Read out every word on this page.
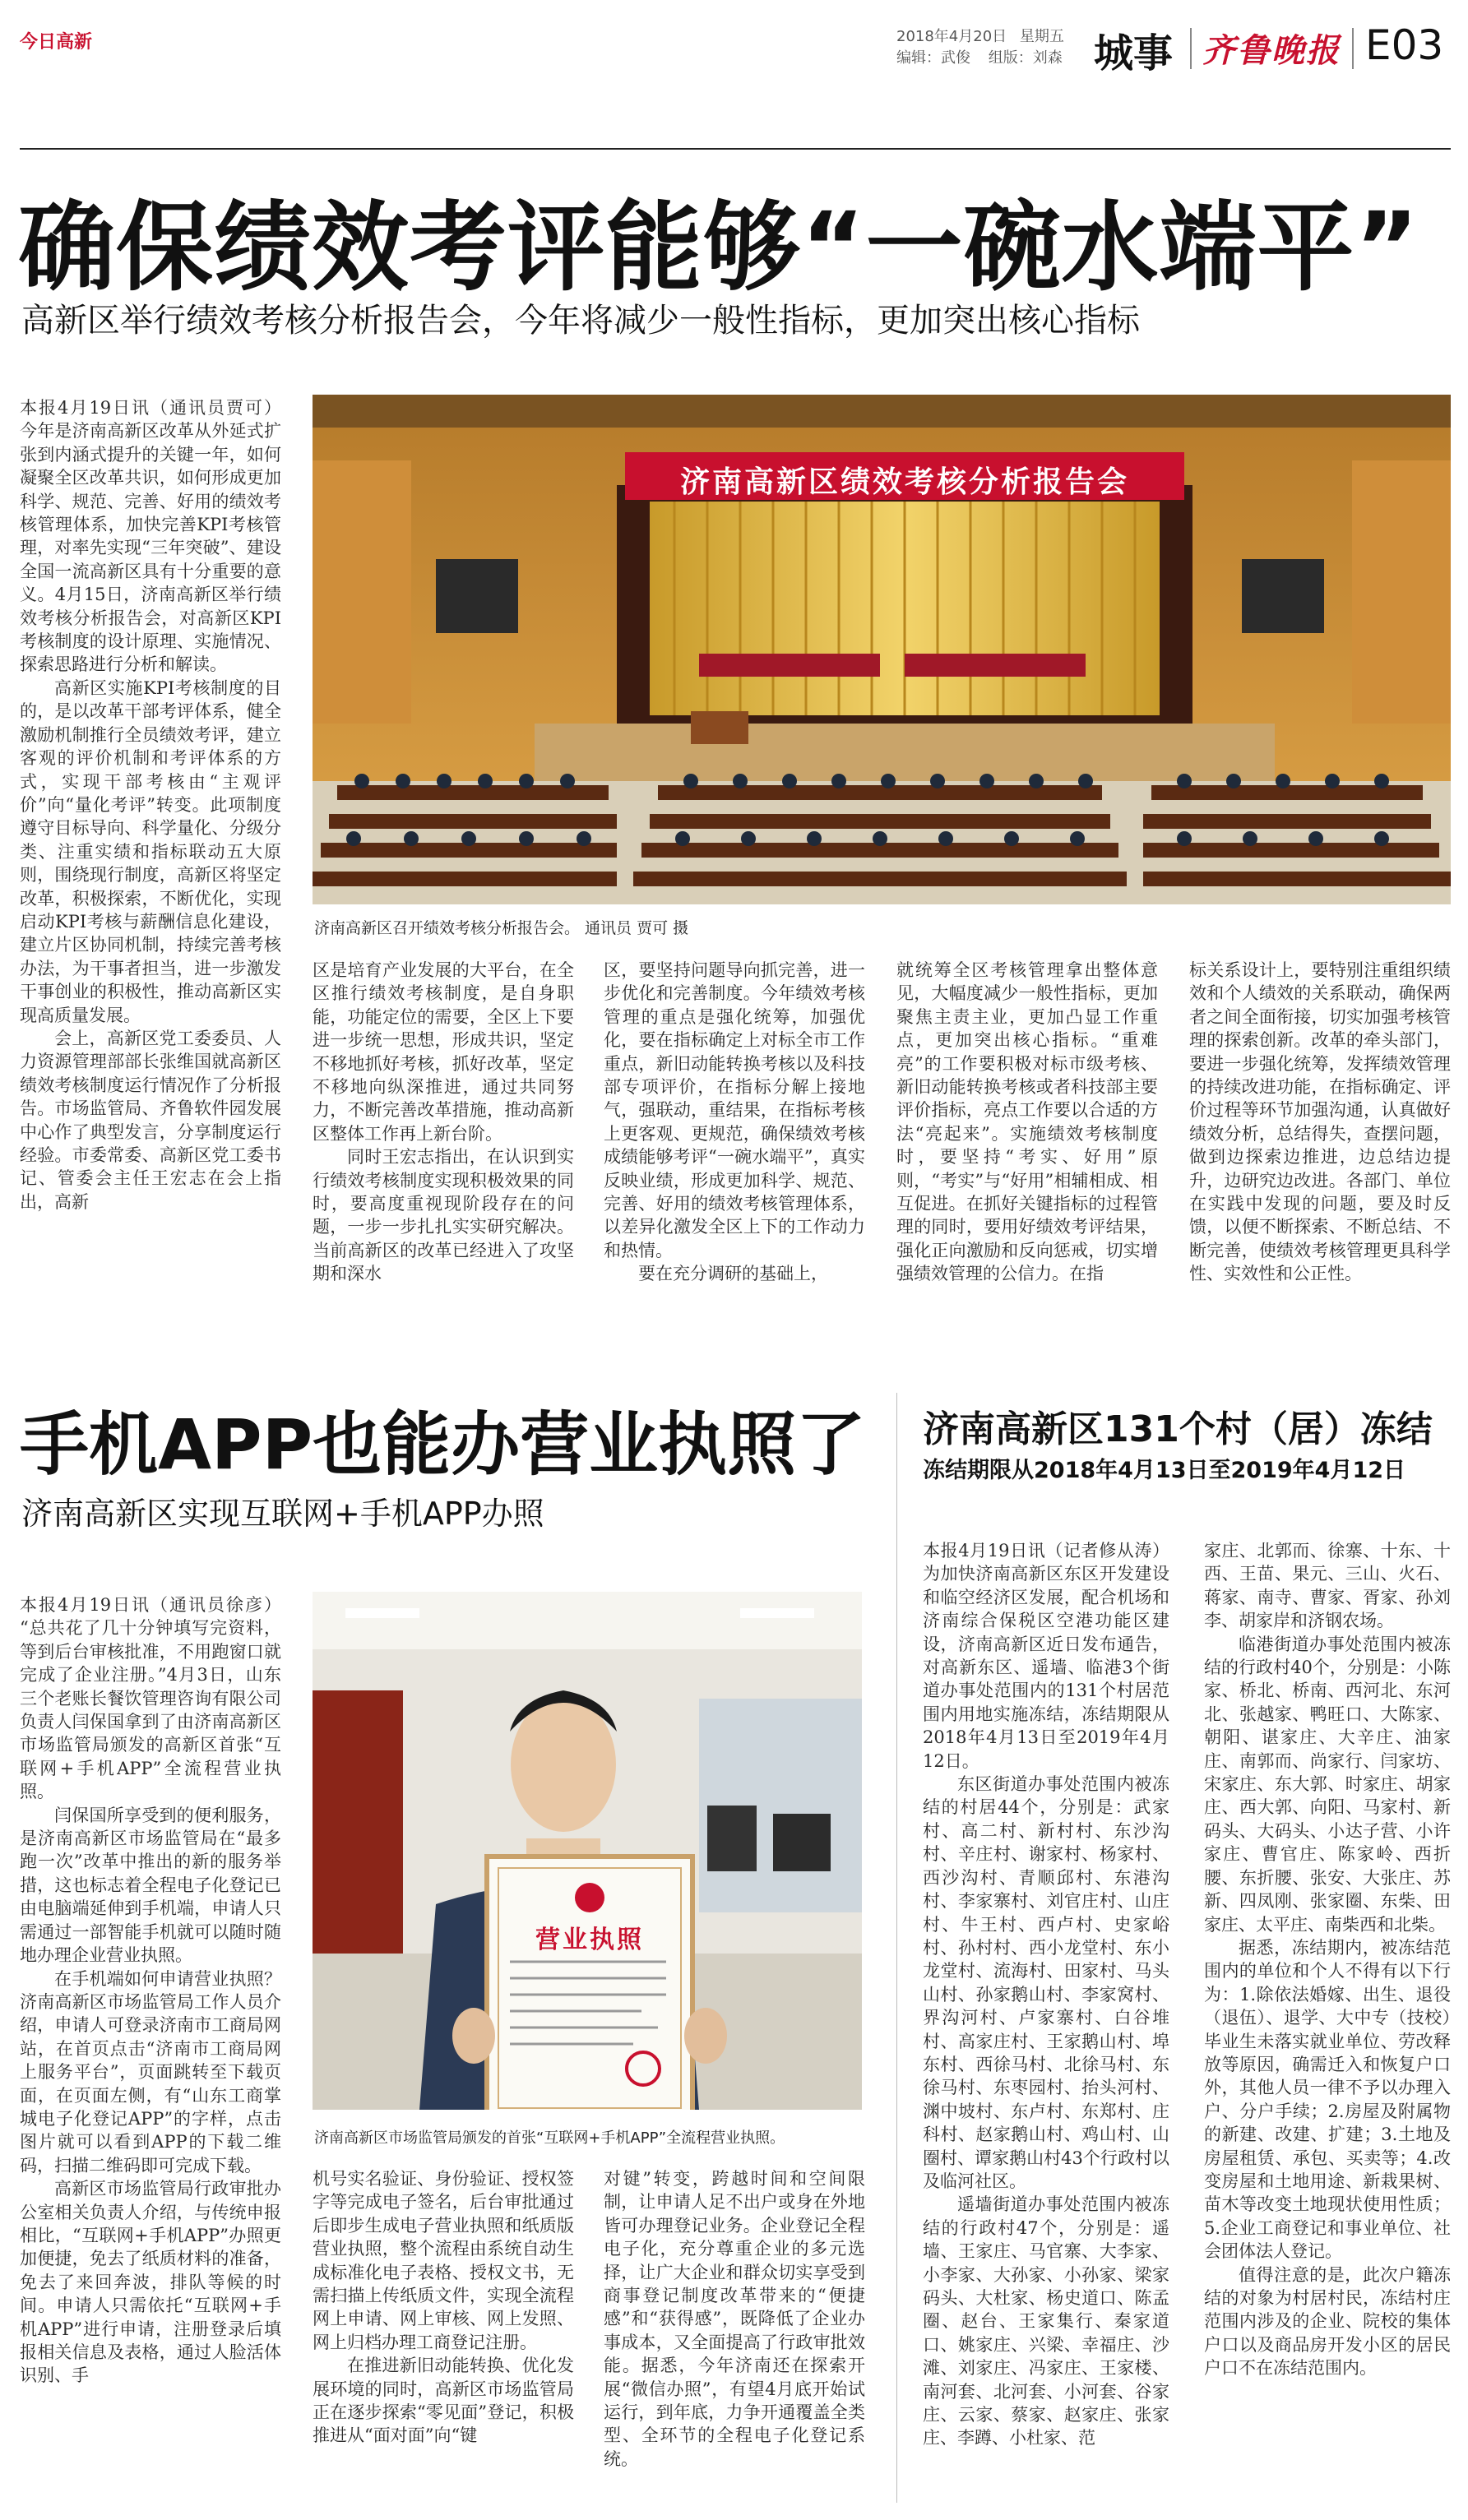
今日高新	2018年4月20日 星期五
编辑：武俊 组版：刘森 城事 齐鲁晚报 E03
确保绩效考评能够“一碗水端平”
高新区举行绩效考核分析报告会，今年将减少一般性指标，更加突出核心指标
济南高新区绩效考核分析报告会
济南高新区召开绩效考核分析报告会。 通讯员 贾可 摄

本报4月19日讯（通讯员贾可） 今年是济南高新区改革从外延式扩张到内涵式提升的关键一年，如何凝聚全区改革共识，如何形成更加科学、规范、完善、好用的绩效考核管理体系，加快完善KPI考核管理，对率先实现“三年突破”、建设全国一流高新区具有十分重要的意义。4月15日，济南高新区举行绩效考核分析报告会，对高新区KPI考核制度的设计原理、实施情况、探索思路进行分析和解读。

高新区实施KPI考核制度的目的，是以改革干部考评体系，健全激励机制推行全员绩效考评，建立客观的评价机制和考评体系的方式，实现干部考核由“主观评价”向“量化考评”转变。此项制度遵守目标导向、科学量化、分级分类、注重实绩和指标联动五大原则，围绕现行制度，高新区将坚定改革，积极探索，不断优化，实现启动KPI考核与薪酬信息化建设，建立片区协同机制，持续完善考核办法，为干事者担当，进一步激发干事创业的积极性，推动高新区实现高质量发展。

会上，高新区党工委委员、人力资源管理部部长张维国就高新区绩效考核制度运行情况作了分析报告。市场监管局、齐鲁软件园发展中心作了典型发言，分享制度运行经验。市委常委、高新区党工委书记、管委会主任王宏志在会上指出，高新

区是培育产业发展的大平台，在全区推行绩效考核制度，是自身职能，功能定位的需要，全区上下要进一步统一思想，形成共识，坚定不移地抓好考核，抓好改革，坚定不移地向纵深推进，通过共同努力，不断完善改革措施，推动高新区整体工作再上新台阶。

同时王宏志指出，在认识到实行绩效考核制度实现积极效果的同时，要高度重视现阶段存在的问题，一步一步扎扎实实研究解决。当前高新区的改革已经进入了攻坚期和深水

区，要坚持问题导向抓完善，进一步优化和完善制度。今年绩效考核管理的重点是强化统筹，加强优化，要在指标确定上对标全市工作重点，新旧动能转换考核以及科技部专项评价，在指标分解上接地气，强联动，重结果，在指标考核上更客观、更规范，确保绩效考核成绩能够考评“一碗水端平”，真实反映业绩，形成更加科学、规范、完善、好用的绩效考核管理体系，以差异化激发全区上下的工作动力和热情。

要在充分调研的基础上，

就统筹全区考核管理拿出整体意见，大幅度减少一般性指标，更加聚焦主责主业，更加凸显工作重点，更加突出核心指标。“重难亮”的工作要积极对标市级考核、新旧动能转换考核或者科技部主要评价指标，亮点工作要以合适的方法“亮起来”。实施绩效考核制度时，要坚持“考实、好用”原则，“考实”与“好用”相辅相成、相互促进。在抓好关键指标的过程管理的同时，要用好绩效考评结果，强化正向激励和反向惩戒，切实增强绩效管理的公信力。在指

标关系设计上，要特别注重组织绩效和个人绩效的关系联动，确保两者之间全面衔接，切实加强考核管理的探索创新。改革的牵头部门，要进一步强化统筹，发挥绩效管理的持续改进功能，在指标确定、评价过程等环节加强沟通，认真做好绩效分析，总结得失，查摆问题，做到边探索边推进，边总结边提升，边研究边改进。各部门、单位在实践中发现的问题，要及时反馈，以便不断探索、不断总结、不断完善，使绩效考核管理更具科学性、实效性和公正性。

手机APP也能办营业执照了
济南高新区实现互联网+手机APP办照
营业执照
济南高新区市场监管局颁发的首张“互联网+手机APP”全流程营业执照。

本报4月19日讯（通讯员徐彦） “总共花了几十分钟填写完资料，等到后台审核批准，不用跑窗口就完成了企业注册。”4月3日，山东三个老账长餐饮管理咨询有限公司负责人闫保国拿到了由济南高新区市场监管局颁发的高新区首张“互联网+手机APP”全流程营业执照。

闫保国所享受到的便利服务，是济南高新区市场监管局在“最多跑一次”改革中推出的新的服务举措，这也标志着全程电子化登记已由电脑端延伸到手机端，申请人只需通过一部智能手机就可以随时随地办理企业营业执照。

在手机端如何申请营业执照？济南高新区市场监管局工作人员介绍，申请人可登录济南市工商局网站，在首页点击“济南市工商局网上服务平台”，页面跳转至下载页面，在页面左侧，有“山东工商掌城电子化登记APP”的字样，点击图片就可以看到APP的下载二维码，扫描二维码即可完成下载。

高新区市场监管局行政审批办公室相关负责人介绍，与传统申报相比，“互联网+手机APP”办照更加便捷，免去了纸质材料的准备，免去了来回奔波，排队等候的时间。申请人只需依托“互联网+手机APP”进行申请，注册登录后填报相关信息及表格，通过人脸活体识别、手

机号实名验证、身份验证、授权签字等完成电子签名，后台审批通过后即步生成电子营业执照和纸质版营业执照，整个流程由系统自动生成标准化电子表格、授权文书，无需扫描上传纸质文件，实现全流程网上申请、网上审核、网上发照、网上归档办理工商登记注册。

在推进新旧动能转换、优化发展环境的同时，高新区市场监管局正在逐步探索“零见面”登记，积极推进从“面对面”向“键

对键”转变，跨越时间和空间限制，让申请人足不出户或身在外地皆可办理登记业务。企业登记全程电子化，充分尊重企业的多元选择，让广大企业和群众切实享受到商事登记制度改革带来的“便捷感”和“获得感”，既降低了企业办事成本，又全面提高了行政审批效能。据悉，今年济南还在探索开展“微信办照”，有望4月底开始试运行，到年底，力争开通覆盖全类型、全环节的全程电子化登记系统。

济南高新区131个村（居）冻结
冻结期限从2018年4月13日至2019年4月12日

本报4月19日讯（记者修从涛） 为加快济南高新区东区开发建设和临空经济区发展，配合机场和济南综合保税区空港功能区建设，济南高新区近日发布通告，对高新东区、遥墙、临港3个街道办事处范围内的131个村居范围内用地实施冻结，冻结期限从2018年4月13日至2019年4月12日。

东区街道办事处范围内被冻结的村居44个，分别是：武家村、高二村、新村村、东沙沟村、辛庄村、谢家村、杨家村、西沙沟村、青顺邱村、东港沟村、李家寨村、刘官庄村、山庄村、牛王村、西卢村、史家峪村、孙村村、西小龙堂村、东小龙堂村、流海村、田家村、马头山村、孙家鹅山村、李家窝村、界沟河村、卢家寨村、白谷堆村、高家庄村、王家鹅山村、埠东村、西徐马村、北徐马村、东徐马村、东枣园村、抬头河村、渊中坡村、东卢村、东郑村、庄科村、赵家鹅山村、鸡山村、山圈村、谭家鹅山村43个行政村以及临河社区。

遥墙街道办事处范围内被冻结的行政村47个，分别是：遥墙、王家庄、马官寨、大李家、小李家、大孙家、小孙家、梁家码头、大杜家、杨史道口、陈孟圈、赵台、王家集行、秦家道口、姚家庄、兴梁、幸福庄、沙滩、刘家庄、冯家庄、王家楼、南河套、北河套、小河套、谷家庄、云家、蔡家、赵家庄、张家庄、李蹲、小杜家、范

家庄、北郭而、徐寨、十东、十西、王苗、果元、三山、火石、蒋家、南寺、曹家、胥家、孙刘李、胡家岸和济钢农场。

临港街道办事处范围内被冻结的行政村40个，分别是：小陈家、桥北、桥南、西河北、东河北、张越家、鸭旺口、大陈家、朝阳、谌家庄、大辛庄、油家庄、南郭而、尚家行、闫家坊、宋家庄、东大郭、时家庄、胡家庄、西大郭、向阳、马家村、新码头、大码头、小达子营、小许家庄、曹官庄、陈家岭、西折腰、东折腰、张安、大张庄、苏新、四凤刚、张家圈、东柴、田家庄、太平庄、南柴西和北柴。

据悉，冻结期内，被冻结范围内的单位和个人不得有以下行为：1.除依法婚嫁、出生、退役（退伍）、退学、大中专（技校）毕业生未落实就业单位、劳改释放等原因，确需迁入和恢复户口外，其他人员一律不予以办理入户、分户手续；2.房屋及附属物的新建、改建、扩建；3.土地及房屋租赁、承包、买卖等；4.改变房屋和土地用途、新栽果树、苗木等改变土地现状使用性质；5.企业工商登记和事业单位、社会团体法人登记。

值得注意的是，此次户籍冻结的对象为村居村民，冻结村庄范围内涉及的企业、院校的集体户口以及商品房开发小区的居民户口不在冻结范围内。
